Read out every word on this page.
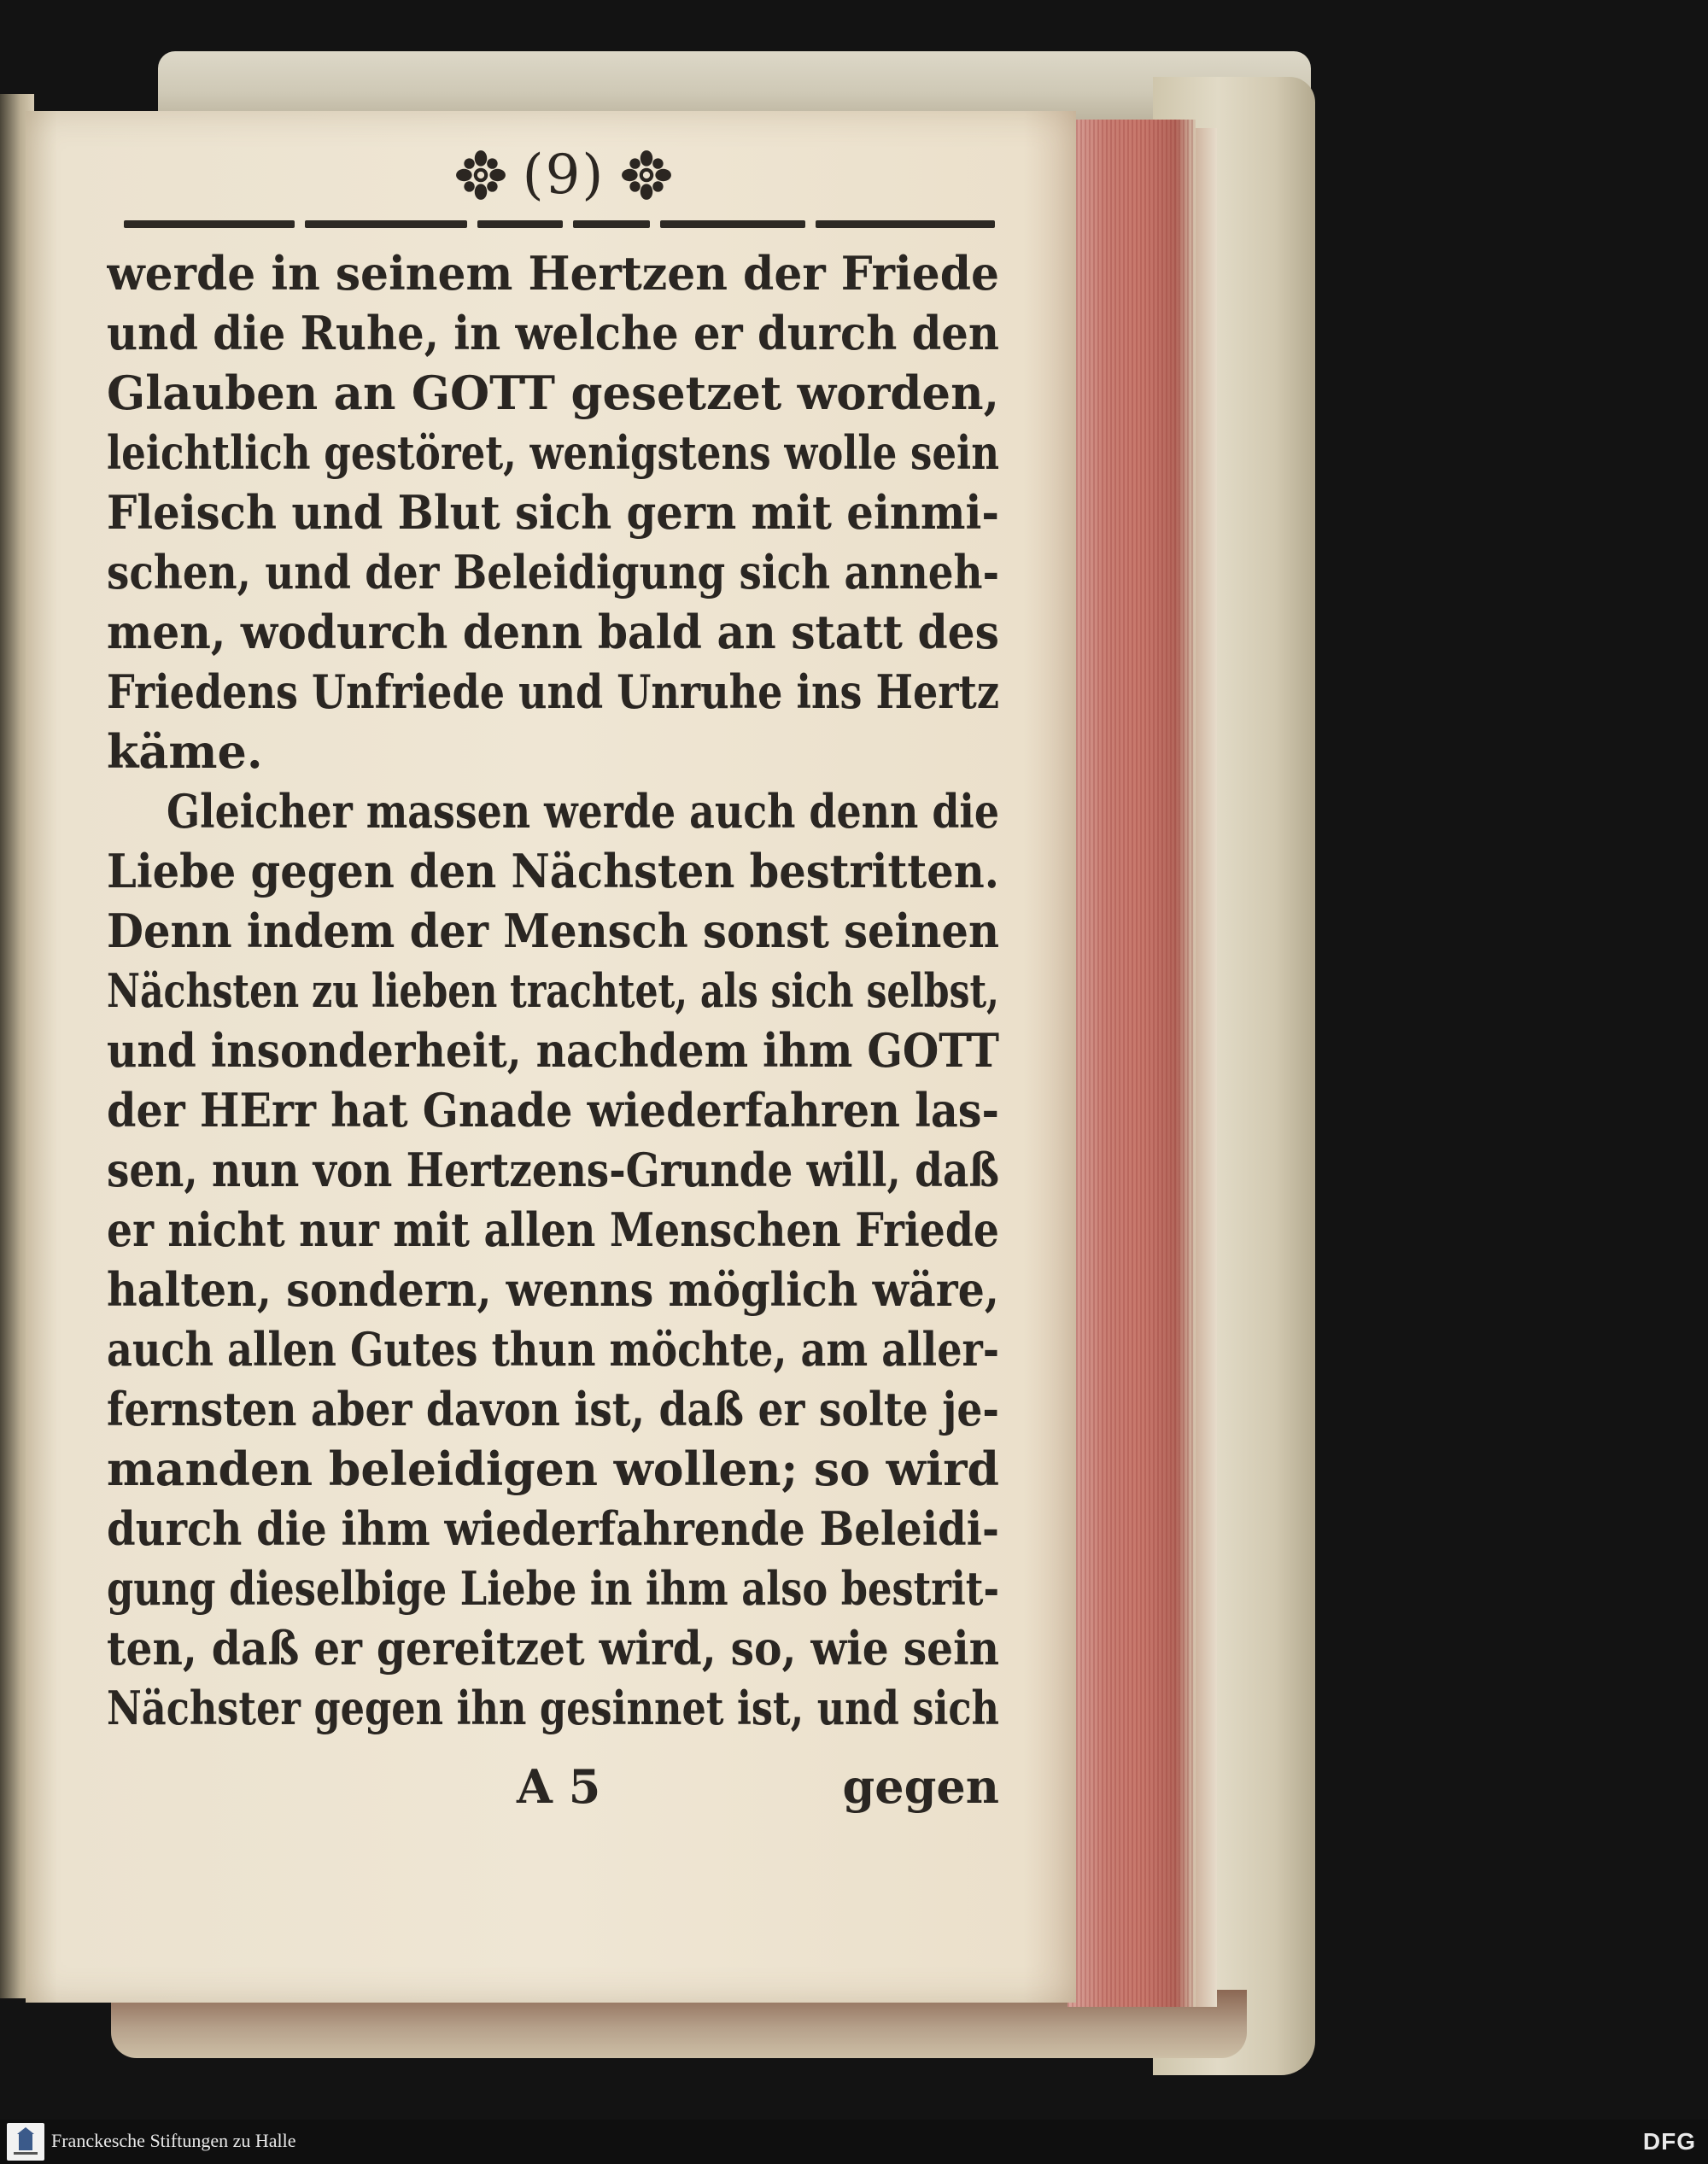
(9)
werde in seinem Hertzen der Friede
und die Ruhe, in welche er durch den
Glauben an GOTT gesetzet worden,
leichtlich gestöret, wenigstens wolle sein
Fleisch und Blut sich gern mit einmi-
schen, und der Beleidigung sich anneh-
men, wodurch denn bald an statt des
Friedens Unfriede und Unruhe ins Hertz
käme.
Gleicher massen werde auch denn die
Liebe gegen den Nächsten bestritten.
Denn indem der Mensch sonst seinen
Nächsten zu lieben trachtet, als sich selbst,
und insonderheit, nachdem ihm GOTT
der HErr hat Gnade wiederfahren las-
sen, nun von Hertzens-Grunde will, daß
er nicht nur mit allen Menschen Friede
halten, sondern, wenns möglich wäre,
auch allen Gutes thun möchte, am aller-
fernsten aber davon ist, daß er solte je-
manden beleidigen wollen; so wird
durch die ihm wiederfahrende Beleidi-
gung dieselbige Liebe in ihm also bestrit-
ten, daß er gereitzet wird, so, wie sein
Nächster gegen ihn gesinnet ist, und sich
A 5	gegen
Franckesche Stiftungen zu Halle	DFG
